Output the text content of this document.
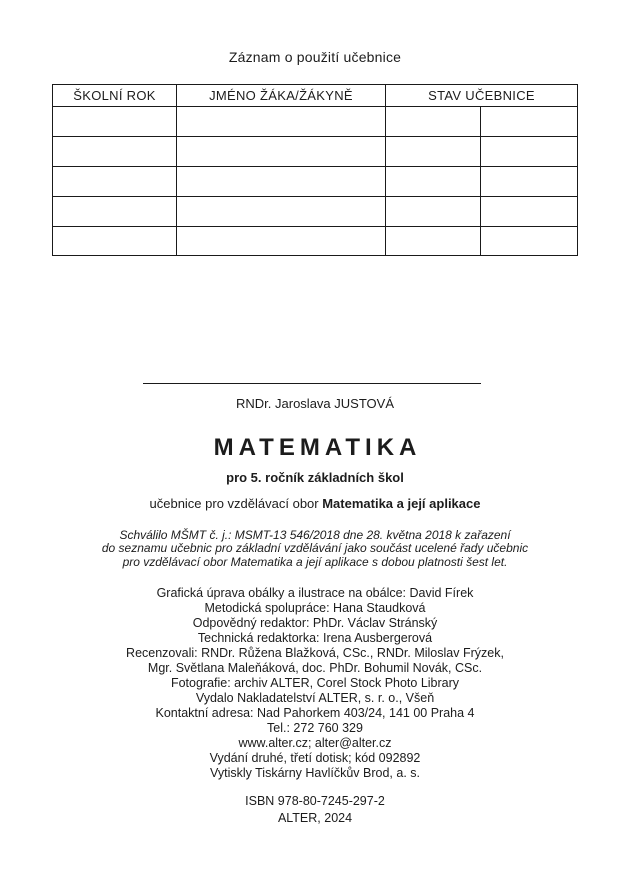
Záznam o použití učebnice
ŠKOLNÍ ROK	JMÉNO ŽÁKA/ŽÁKYNĚ	STAV UČEBNICE	

RNDr. Jaroslava JUSTOVÁ
MATEMATIKA
pro 5. ročník základních škol
učebnice pro vzdělávací obor Matematika a její aplikace
Schválilo MŠMT č. j.: MSMT-13 546/2018 dne 28. května 2018 k zařazení
do seznamu učebnic pro základní vzdělávání jako součást ucelené řady učebnic
pro vzdělávací obor Matematika a její aplikace s dobou platnosti šest let.
Grafická úprava obálky a ilustrace na obálce: David Fírek
Metodická spolupráce: Hana Staudková
Odpovědný redaktor: PhDr. Václav Stránský
Technická redaktorka: Irena Ausbergerová
Recenzovali: RNDr. Růžena Blažková, CSc., RNDr. Miloslav Frýzek,
Mgr. Světlana Maleňáková, doc. PhDr. Bohumil Novák, CSc.
Fotografie: archiv ALTER, Corel Stock Photo Library
Vydalo Nakladatelství ALTER, s. r. o., Všeň
Kontaktní adresa: Nad Pahorkem 403/24, 141 00 Praha 4
Tel.: 272 760 329
www.alter.cz; alter@alter.cz
Vydání druhé, třetí dotisk; kód 092892
Vytiskly Tiskárny Havlíčkův Brod, a. s.
ISBN 978-80-7245-297-2
ALTER, 2024
